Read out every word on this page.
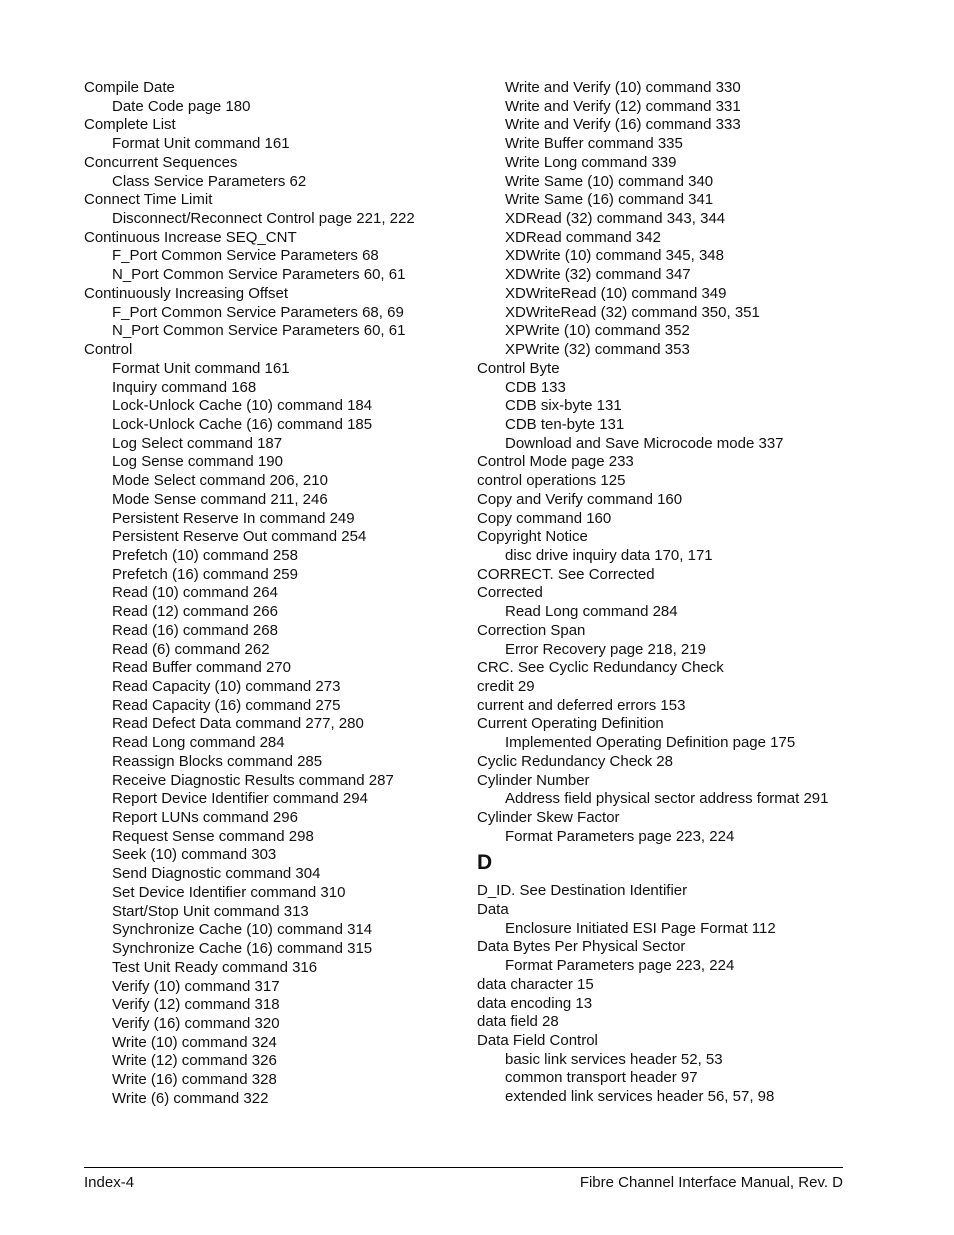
Compile Date
Date Code page 180
Complete List
Format Unit command 161
Concurrent Sequences
Class Service Parameters 62
Connect Time Limit
Disconnect/Reconnect Control page 221, 222
Continuous Increase SEQ_CNT
F_Port Common Service Parameters 68
N_Port Common Service Parameters 60, 61
Continuously Increasing Offset
F_Port Common Service Parameters 68, 69
N_Port Common Service Parameters 60, 61
Control
Format Unit command 161
Inquiry command 168
Lock-Unlock Cache (10) command 184
Lock-Unlock Cache (16) command 185
Log Select command 187
Log Sense command 190
Mode Select command 206, 210
Mode Sense command 211, 246
Persistent Reserve In command 249
Persistent Reserve Out command 254
Prefetch (10) command 258
Prefetch (16) command 259
Read (10) command 264
Read (12) command 266
Read (16) command 268
Read (6) command 262
Read Buffer command 270
Read Capacity (10) command 273
Read Capacity (16) command 275
Read Defect Data command 277, 280
Read Long command 284
Reassign Blocks command 285
Receive Diagnostic Results command 287
Report Device Identifier command 294
Report LUNs command 296
Request Sense command 298
Seek (10) command 303
Send Diagnostic command 304
Set Device Identifier command 310
Start/Stop Unit command 313
Synchronize Cache (10) command 314
Synchronize Cache (16) command 315
Test Unit Ready command 316
Verify (10) command 317
Verify (12) command 318
Verify (16) command 320
Write (10) command 324
Write (12) command 326
Write (16) command 328
Write (6) command 322
Write and Verify (10) command 330
Write and Verify (12) command 331
Write and Verify (16) command 333
Write Buffer command 335
Write Long command 339
Write Same (10) command 340
Write Same (16) command 341
XDRead (32) command 343, 344
XDRead command 342
XDWrite (10) command 345, 348
XDWrite (32) command 347
XDWriteRead (10) command 349
XDWriteRead (32) command 350, 351
XPWrite (10) command 352
XPWrite (32) command 353
Control Byte
CDB 133
CDB six-byte 131
CDB ten-byte 131
Download and Save Microcode mode 337
Control Mode page 233
control operations 125
Copy and Verify command 160
Copy command 160
Copyright Notice
disc drive inquiry data 170, 171
CORRECT. See Corrected
Corrected
Read Long command 284
Correction Span
Error Recovery page 218, 219
CRC. See Cyclic Redundancy Check
credit 29
current and deferred errors 153
Current Operating Definition
Implemented Operating Definition page 175
Cyclic Redundancy Check 28
Cylinder Number
Address field physical sector address format 291
Cylinder Skew Factor
Format Parameters page 223, 224
D
D_ID. See Destination Identifier
Data
Enclosure Initiated ESI Page Format 112
Data Bytes Per Physical Sector
Format Parameters page 223, 224
data character 15
data encoding 13
data field 28
Data Field Control
basic link services header 52, 53
common transport header 97
extended link services header 56, 57, 98
Index-4	Fibre Channel Interface Manual, Rev. D
